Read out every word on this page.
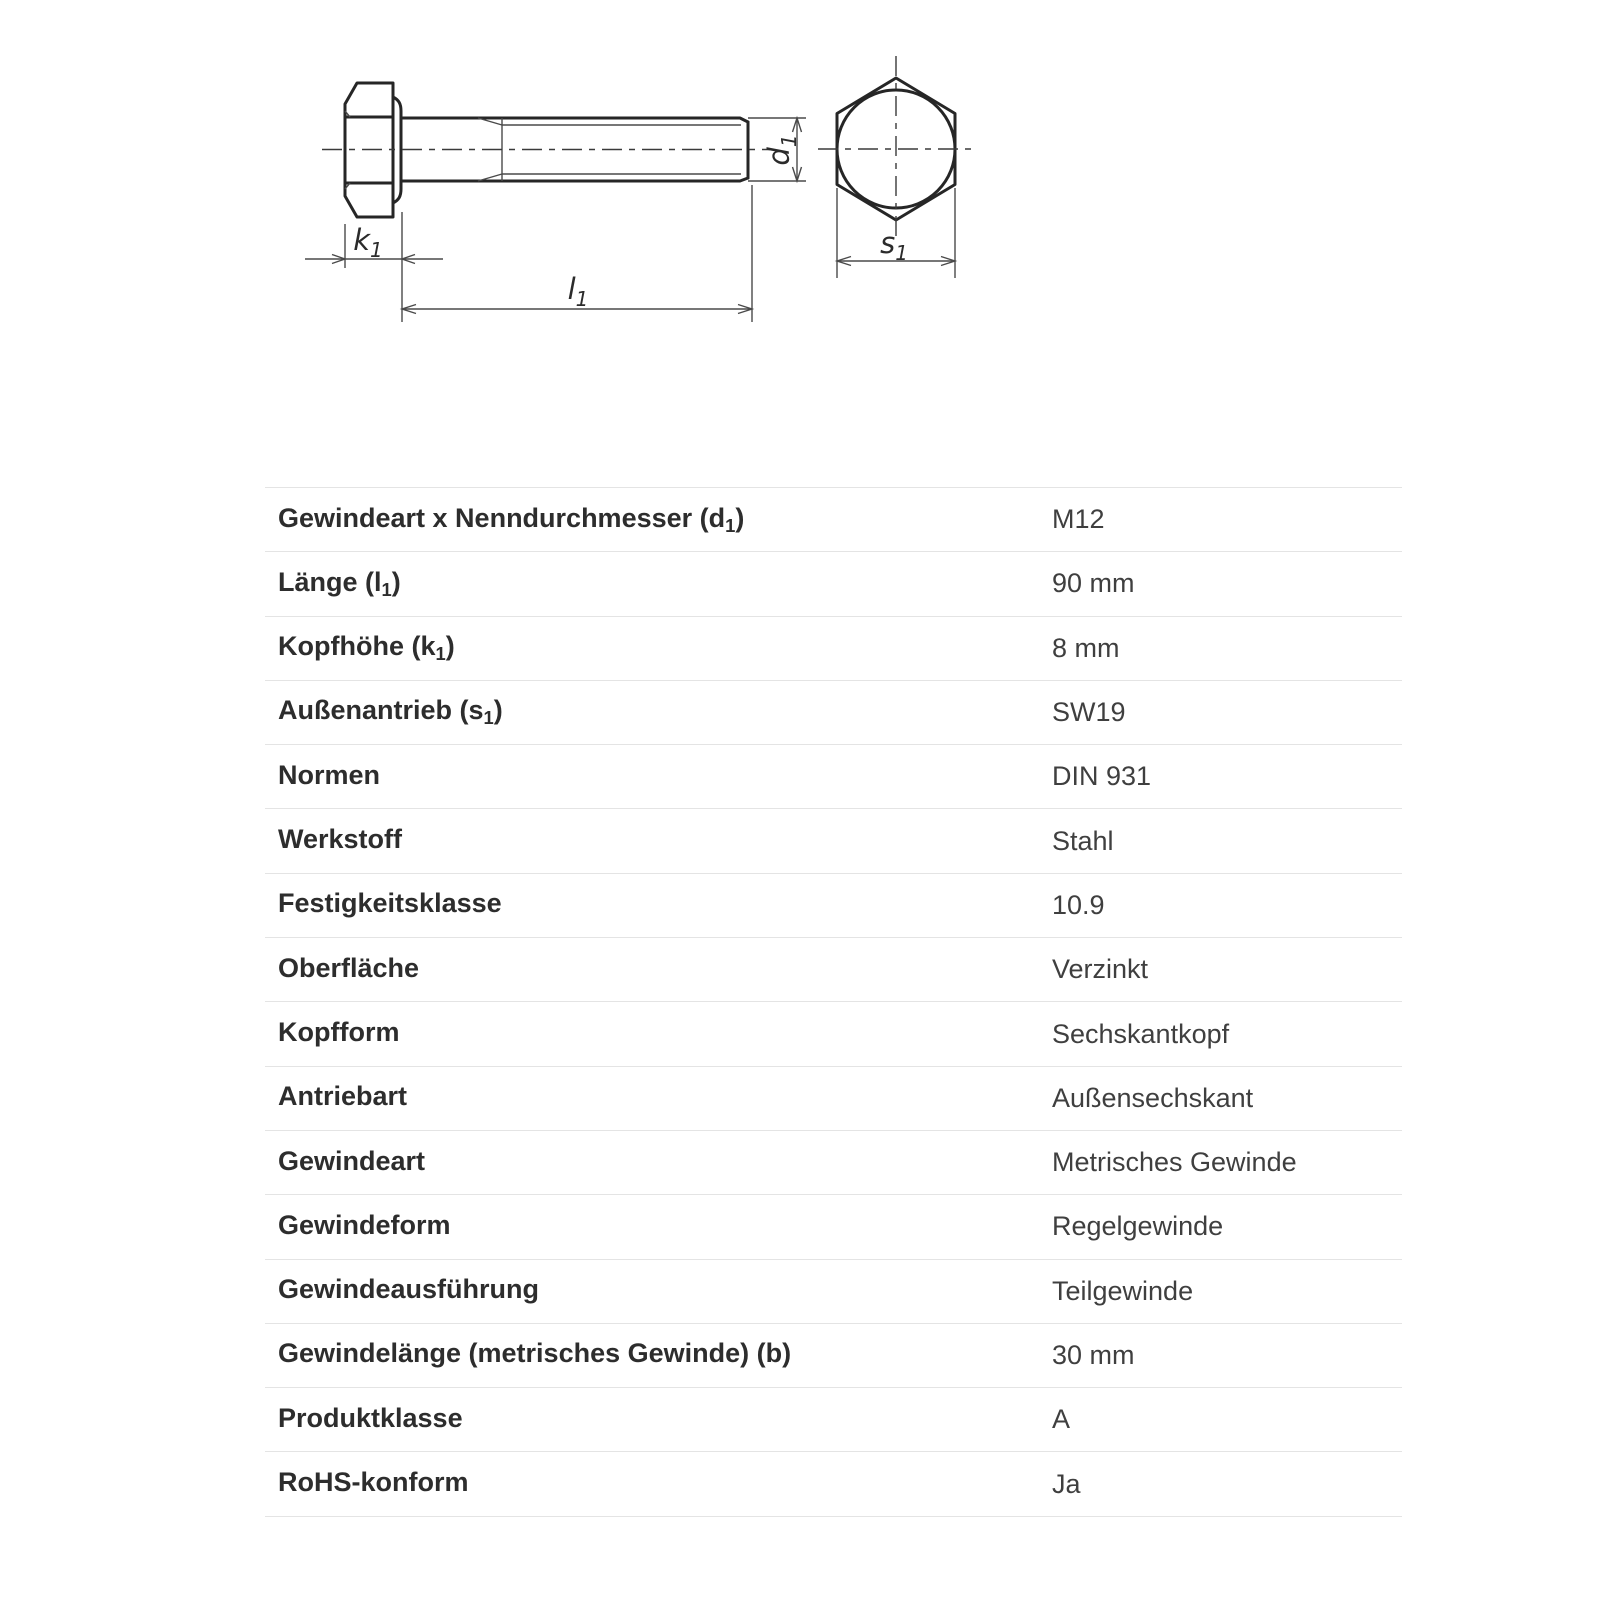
$k_1$
$l_1$
$d_1$
$s_1$
Gewindeart x Nenndurchmesser $(d_1)$	M12
Länge $(l_1)$	90 mm
Kopfhöhe $(k_1)$	8 mm
Außenantrieb $(s_1)$	SW19
Normen	DIN 931
Werkstoff	Stahl
Festigkeitsklasse	10.9
Oberfläche	Verzinkt
Kopfform	Sechskantkopf
Antriebart	Außensechskant
Gewindeart	Metrisches Gewinde
Gewindeform	Regelgewinde
Gewindeausführung	Teilgewinde
Gewindelänge (metrisches Gewinde) (b)	30 mm
Produktklasse	A
RoHS-konform	Ja
